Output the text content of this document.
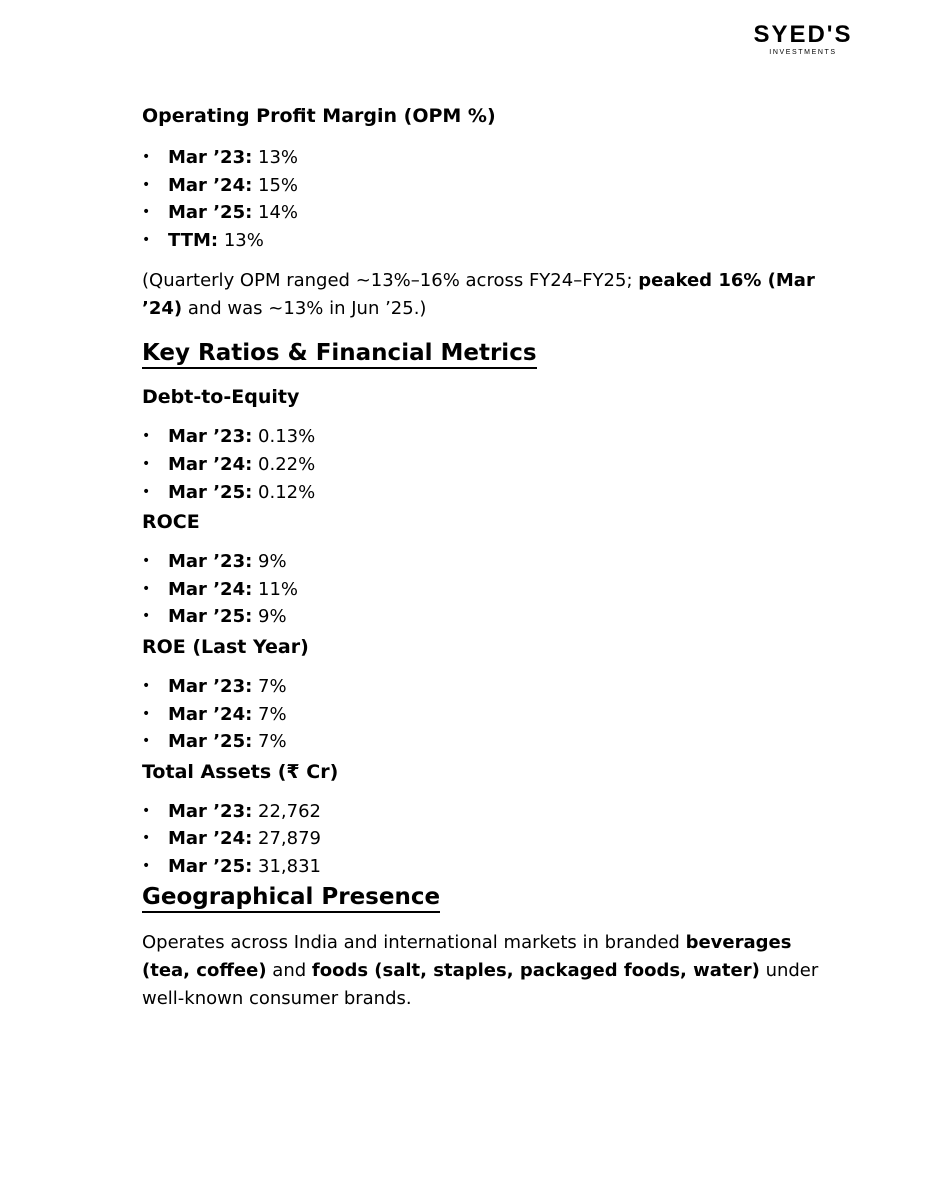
SYED'S
INVESTMENTS
Operating Profit Margin (OPM %)
• Mar ’23: 13%
• Mar ’24: 15%
• Mar ’25: 14%
• TTM: 13%

(Quarterly OPM ranged ~13%–16% across FY24–FY25; peaked 16% (Mar ’24) and was ~13% in Jun ’25.)

Key Ratios & Financial Metrics
Debt-to-Equity
• Mar ’23: 0.13%
• Mar ’24: 0.22%
• Mar ’25: 0.12%
ROCE
• Mar ’23: 9%
• Mar ’24: 11%
• Mar ’25: 9%
ROE (Last Year)
• Mar ’23: 7%
• Mar ’24: 7%
• Mar ’25: 7%
Total Assets (₹ Cr)
• Mar ’23: 22,762
• Mar ’24: 27,879
• Mar ’25: 31,831
Geographical Presence

Operates across India and international markets in branded beverages (tea, coffee) and foods (salt, staples, packaged foods, water) under well-known consumer brands.
